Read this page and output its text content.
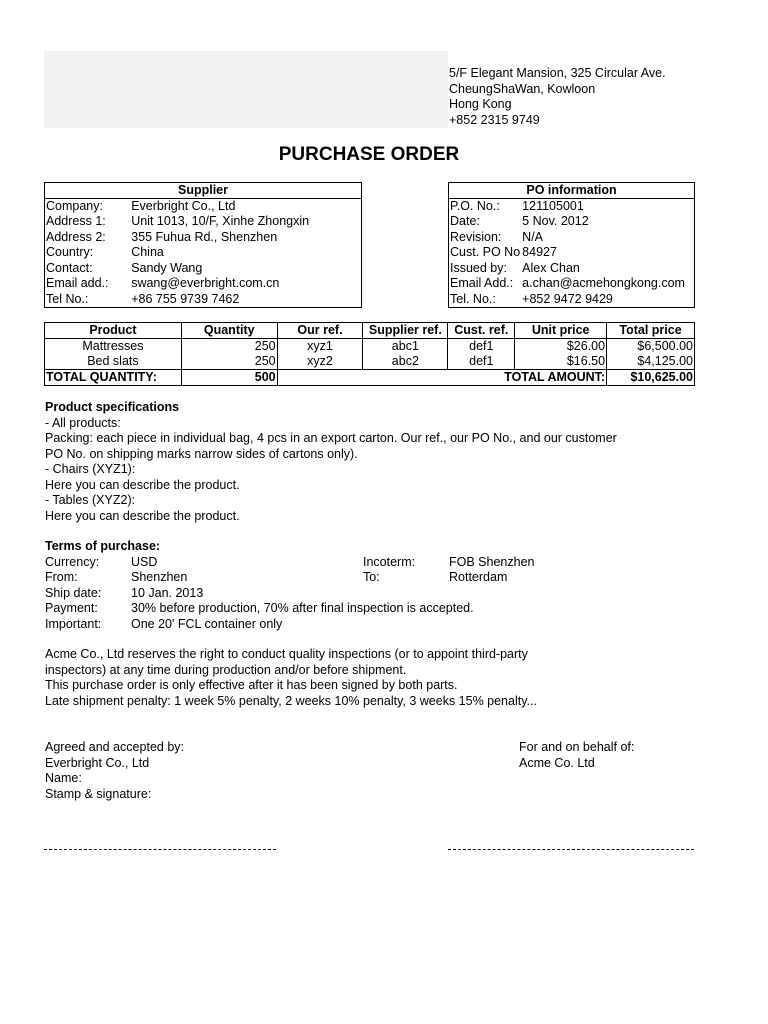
5/F Elegant Mansion, 325 Circular Ave.
CheungShaWan, Kowloon
Hong Kong
+852 2315 9749
PURCHASE ORDER
Supplier	
Company:	Everbright Co., Ltd
Address 1:	Unit 1013, 10/F, Xinhe Zhongxin
Address 2:	355 Fuhua Rd., Shenzhen
Country:	China
Contact:	Sandy Wang
Email add.:	swang@everbright.com.cn
Tel No.:	+86 755 9739 7462
PO information	
P.O. No.:	121105001
Date:	5 Nov. 2012
Revision:	N/A
Cust. PO No	84927
Issued by:	Alex Chan
Email Add.:	a.chan@acmehongkong.com
Tel. No.:	+852 9472 9429
Product	Quantity	Our ref.	Supplier ref.	Cust. ref.	Unit price	Total price
Mattresses	250	xyz1	abc1	def1	$26.00	$6,500.00
Bed slats	250	xyz2	abc2	def1	$16.50	$4,125.00
TOTAL QUANTITY:	500	TOTAL AMOUNT:				$10,625.00
Product specifications
- All products:
Packing: each piece in individual bag, 4 pcs in an export carton. Our ref., our PO No., and our customer
PO No. on shipping marks narrow sides of cartons only).
- Chairs (XYZ1):
Here you can describe the product.
- Tables (XYZ2):
Here you can describe the product.
Terms of purchase:
Currency:	USD	Incoterm:	FOB Shenzhen
From:	Shenzhen	To:	Rotterdam
Ship date: 10 Jan. 2013
Payment:	30% before production, 70% after final inspection is accepted.
Important: One 20' FCL container only
Acme Co., Ltd reserves the right to conduct quality inspections (or to appoint third-party
inspectors) at any time during production and/or before shipment.
This purchase order is only effective after it has been signed by both parts.
Late shipment penalty: 1 week 5% penalty, 2 weeks 10% penalty, 3 weeks 15% penalty...
Agreed and accepted by:
Everbright Co., Ltd
Name:
Stamp & signature:
For and on behalf of:
Acme Co. Ltd
